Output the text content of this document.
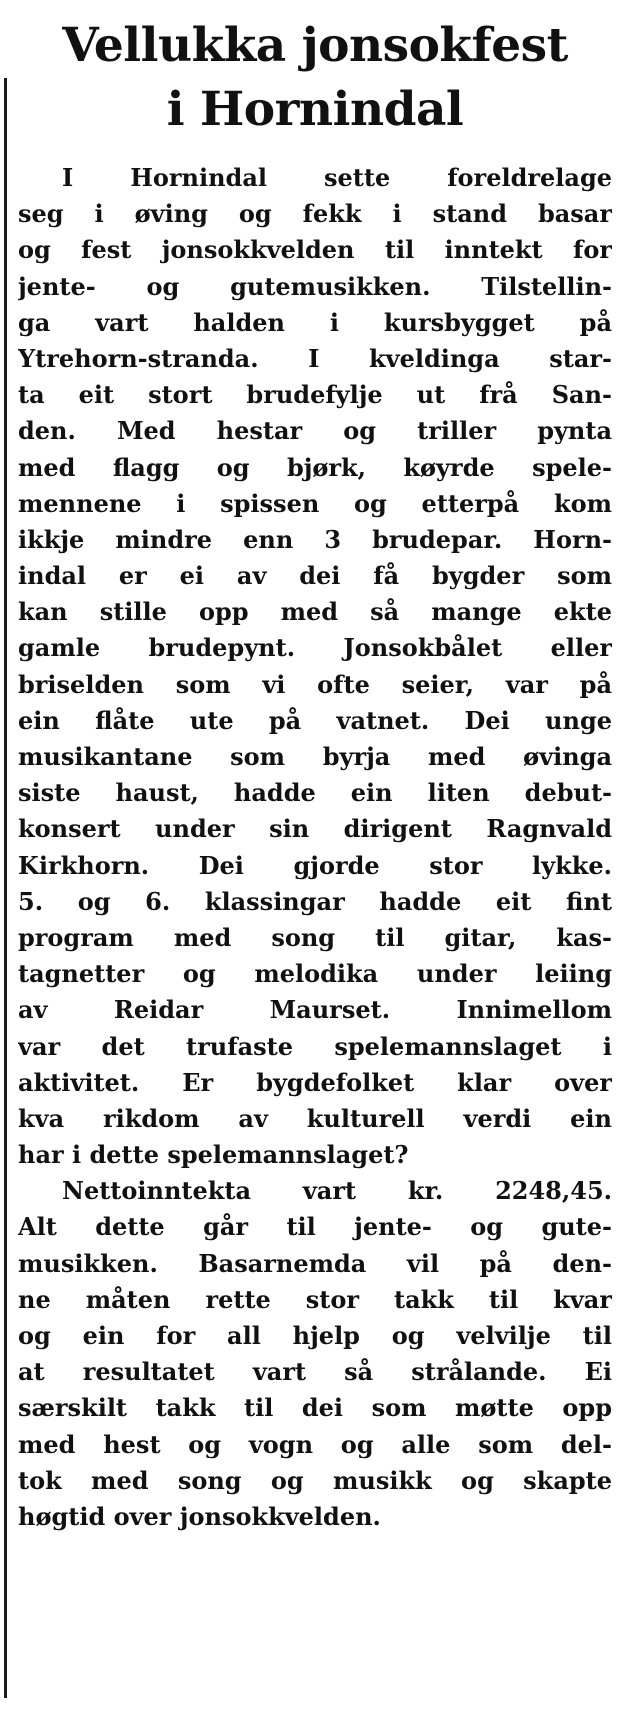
Vellukka jonsokfest
i Hornindal
I Hornindal sette foreldrelage
seg i øving og fekk i stand basar
og fest jonsokkvelden til inntekt for
jente- og gutemusikken. Tilstellin-
ga vart halden i kursbygget på
Ytrehorn-stranda. I kveldinga star-
ta eit stort brudefylje ut frå San-
den. Med hestar og triller pynta
med flagg og bjørk, køyrde spele-
mennene i spissen og etterpå kom
ikkje mindre enn 3 brudepar. Horn-
indal er ei av dei få bygder som
kan stille opp med så mange ekte
gamle brudepynt. Jonsokbålet eller
briselden som vi ofte seier, var på
ein flåte ute på vatnet. Dei unge
musikantane som byrja med øvinga
siste haust, hadde ein liten debut-
konsert under sin dirigent Ragnvald
Kirkhorn. Dei gjorde stor lykke.
5. og 6. klassingar hadde eit fint
program med song til gitar, kas-
tagnetter og melodika under leiing
av Reidar Maurset. Innimellom
var det trufaste spelemannslaget i
aktivitet. Er bygdefolket klar over
kva rikdom av kulturell verdi ein
har i dette spelemannslaget?
Nettoinntekta vart kr. 2248,45.
Alt dette går til jente- og gute-
musikken. Basarnemda vil på den-
ne måten rette stor takk til kvar
og ein for all hjelp og velvilje til
at resultatet vart så strålande. Ei
særskilt takk til dei som møtte opp
med hest og vogn og alle som del-
tok med song og musikk og skapte
høgtid over jonsokkvelden.
